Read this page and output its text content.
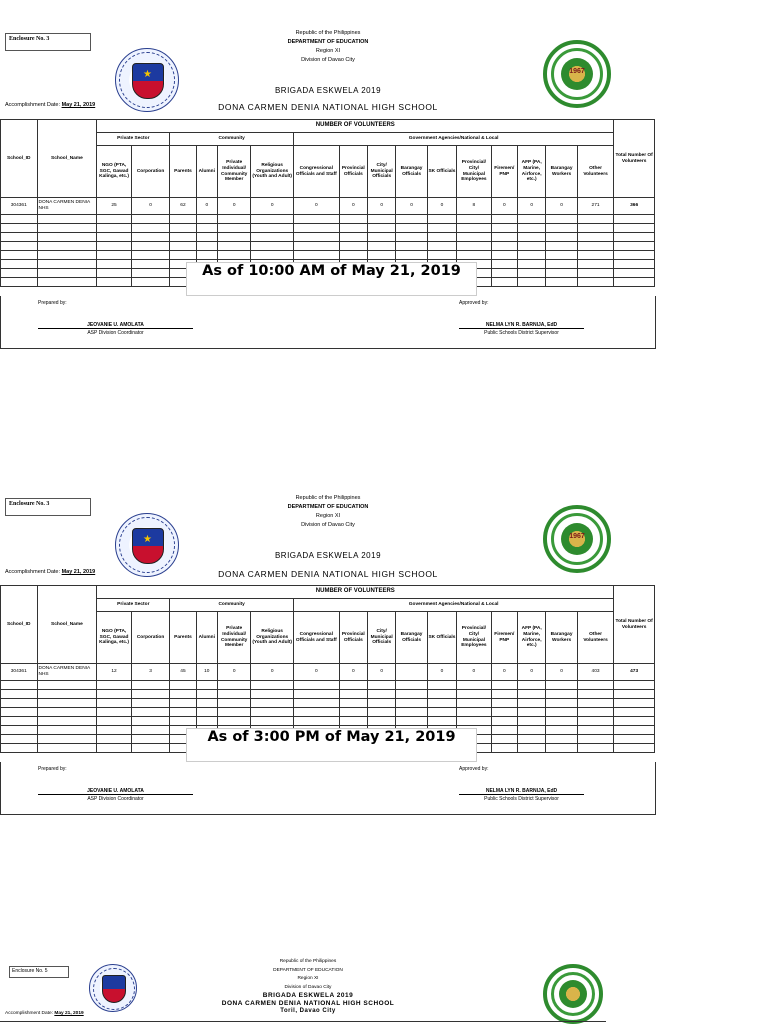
Enclosure No. 3
★
Republic of the Philippines
DEPARTMENT OF EDUCATION
Region XI
Division of Davao City
BRIGADA ESKWELA 2019
1967
Accomplishment Date: May 21, 2019	DONA CARMEN DENIA NATIONAL HIGH SCHOOL
School_ID	School_Name	NUMBER OF VOLUNTEERS																Total Number Of Volunteers
		Private Sector		Community				Government Agencies/National & Local										
		NGO (PTA, SGC, Gawad Kalinga, etc.)	Corporation	Parents	Alumni	Private Individual/ Community Member	Religious Organizations (Youth and Adult)	Congressional Officials and Staff	Provincial Officials	City/ Municipal Officials	Barangay Officials	SK Officials	Provincial/ City/ Municipal Employees	Firemen/ PNP	AFP (PA, Marine, Airforce, etc.)	Barangay Workers	Other Volunteers	
304361	DONA CARMEN DENIA NHS	25	0	62	0	0	0	0	0	0	0	0	8	0	0	0	271	366

Prepared by:	Approved by:
JEOVANIE U. AMOLATA
ASP Division Coordinator
NELMA LYN R. BARNIJA, EdD
Public Schools District Supervisor
As of 10:00 AM of May 21, 2019
Enclosure No. 3
★
Republic of the Philippines
DEPARTMENT OF EDUCATION
Region XI
Division of Davao City
BRIGADA ESKWELA 2019
1967
Accomplishment Date: May 21, 2019	DONA CARMEN DENIA NATIONAL HIGH SCHOOL
School_ID	School_Name	NUMBER OF VOLUNTEERS																Total Number Of Volunteers
		Private Sector		Community				Government Agencies/National & Local										
		NGO (PTA, SGC, Gawad Kalinga, etc.)	Corporation	Parents	Alumni	Private Individual/ Community Member	Religious Organizations (Youth and Adult)	Congressional Officials and Staff	Provincial Officials	City/ Municipal Officials	Barangay Officials	SK Officials	Provincial/ City/ Municipal Employees	Firemen/ PNP	AFP (PA, Marine, Airforce, etc.)	Barangay Workers	Other Volunteers	
304361	DONA CARMEN DENIA NHS	12	3	45	10	0	0	0	0	0		0	0	0	0	0	403	473

Prepared by:	Approved by:
JEOVANIE U. AMOLATA
ASP Division Coordinator
NELMA LYN R. BARNIJA, EdD
Public Schools District Supervisor
As of 3:00 PM of May 21, 2019
Enclosure No. 5
Republic of the Philippines
DEPARTMENT OF EDUCATION
Region XI
Division of Davao City
BRIGADA ESKWELA 2019
DONA CARMEN DENIA NATIONAL HIGH SCHOOL
Toril, Davao City
Accomplishment Date: May 21, 2019
